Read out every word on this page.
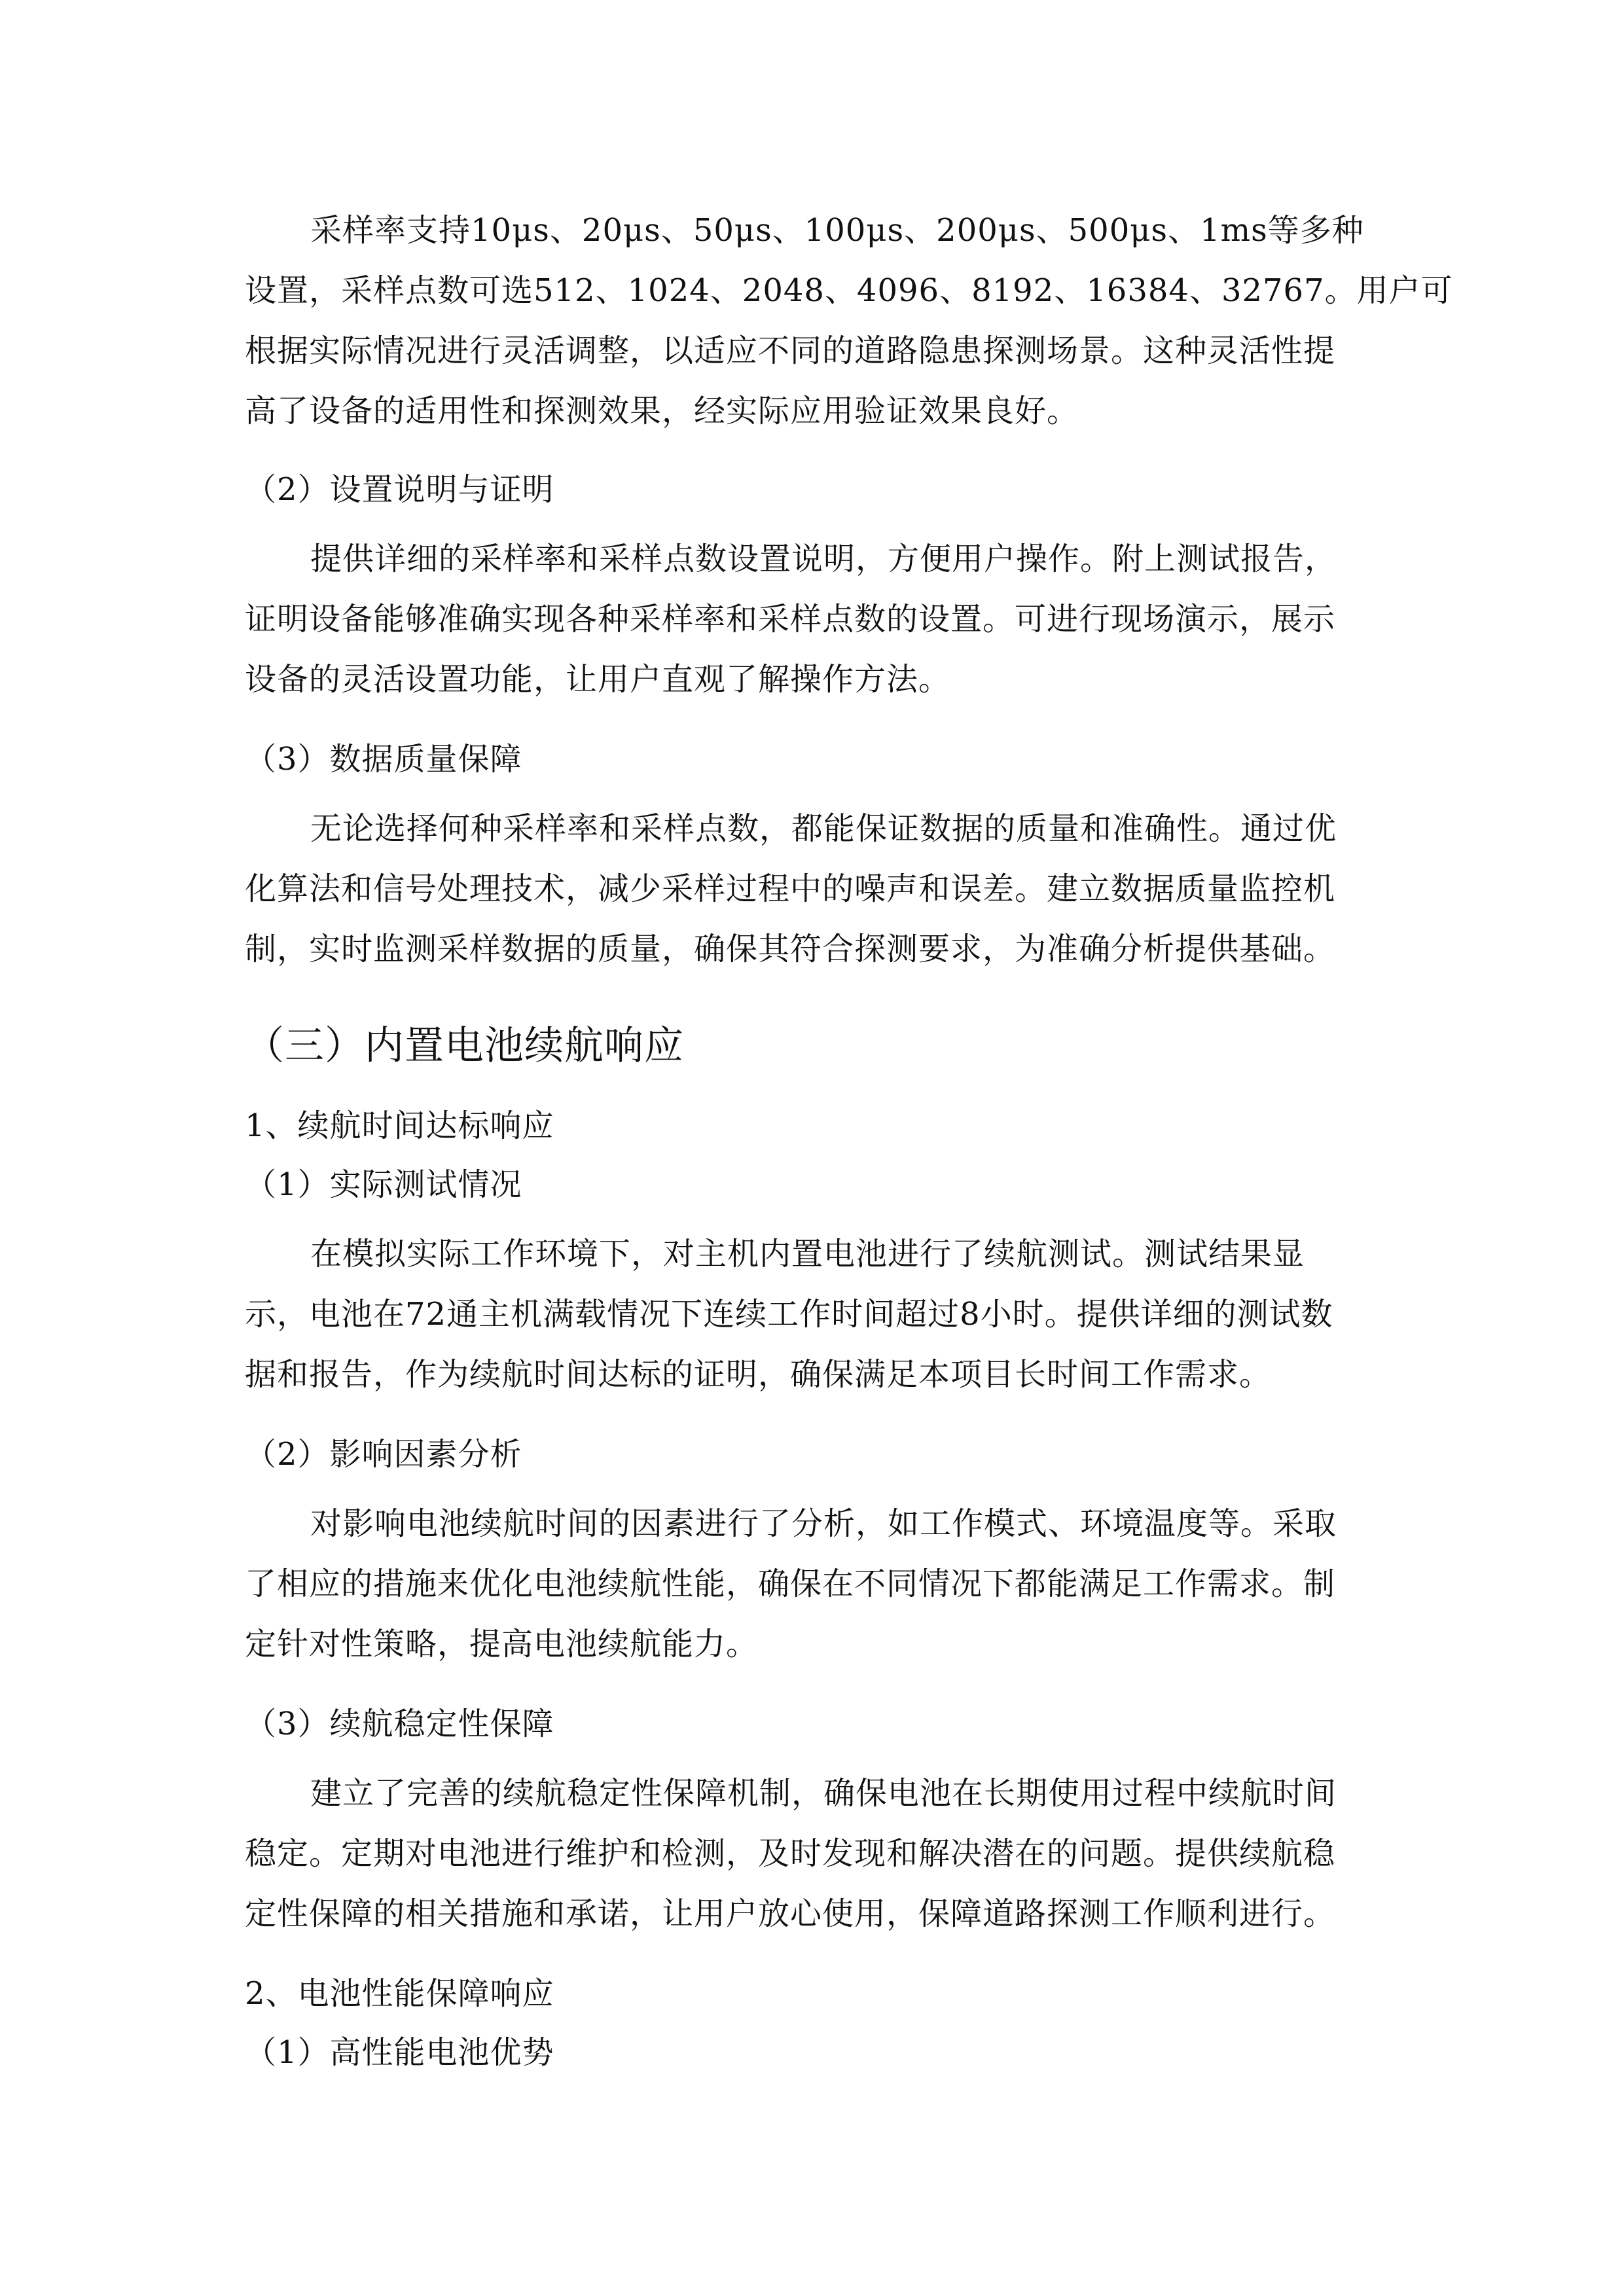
采样率支持10μs、20μs、50μs、100μs、200μs、500μs、1ms等多种
设置，采样点数可选512、1024、2048、4096、8192、16384、32767。用户可
根据实际情况进行灵活调整，以适应不同的道路隐患探测场景。这种灵活性提
高了设备的适用性和探测效果，经实际应用验证效果良好。
（2）设置说明与证明
提供详细的采样率和采样点数设置说明，方便用户操作。附上测试报告，
证明设备能够准确实现各种采样率和采样点数的设置。可进行现场演示，展示
设备的灵活设置功能，让用户直观了解操作方法。
（3）数据质量保障
无论选择何种采样率和采样点数，都能保证数据的质量和准确性。通过优
化算法和信号处理技术，减少采样过程中的噪声和误差。建立数据质量监控机
制，实时监测采样数据的质量，确保其符合探测要求，为准确分析提供基础。
（三）内置电池续航响应
1、续航时间达标响应
（1）实际测试情况
在模拟实际工作环境下，对主机内置电池进行了续航测试。测试结果显
示，电池在72通主机满载情况下连续工作时间超过8小时。提供详细的测试数
据和报告，作为续航时间达标的证明，确保满足本项目长时间工作需求。
（2）影响因素分析
对影响电池续航时间的因素进行了分析，如工作模式、环境温度等。采取
了相应的措施来优化电池续航性能，确保在不同情况下都能满足工作需求。制
定针对性策略，提高电池续航能力。
（3）续航稳定性保障
建立了完善的续航稳定性保障机制，确保电池在长期使用过程中续航时间
稳定。定期对电池进行维护和检测，及时发现和解决潜在的问题。提供续航稳
定性保障的相关措施和承诺，让用户放心使用，保障道路探测工作顺利进行。
2、电池性能保障响应
（1）高性能电池优势
